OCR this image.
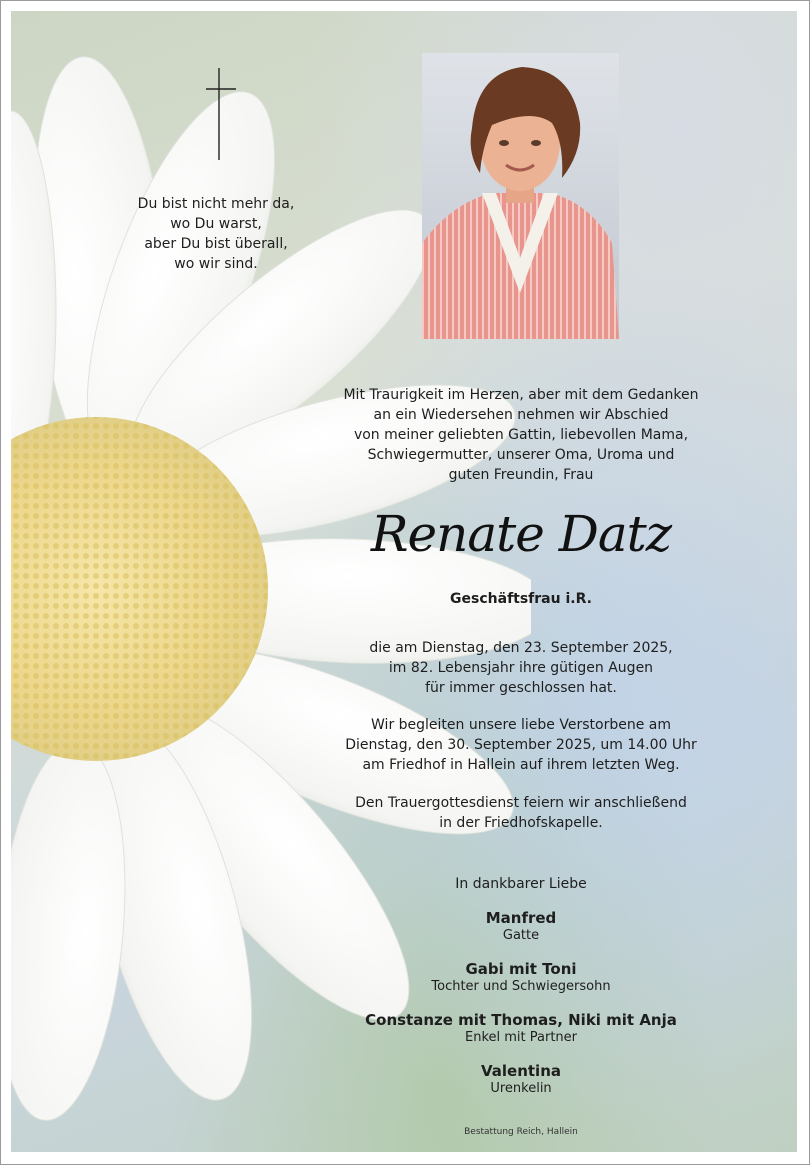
Du bist nicht mehr da,
wo Du warst,
aber Du bist überall,
wo wir sind.
Mit Traurigkeit im Herzen, aber mit dem Gedanken
an ein Wiedersehen nehmen wir Abschied
von meiner geliebten Gattin, liebevollen Mama,
Schwiegermutter, unserer Oma, Uroma und
guten Freundin, Frau
Renate Datz
Geschäftsfrau i.R.
die am Dienstag, den 23. September 2025,
im 82. Lebensjahr ihre gütigen Augen
für immer geschlossen hat.
Wir begleiten unsere liebe Verstorbene am
Dienstag, den 30. September 2025, um 14.00 Uhr
am Friedhof in Hallein auf ihrem letzten Weg.
Den Trauergottesdienst feiern wir anschließend
in der Friedhofskapelle.
In dankbarer Liebe
Manfred
Gatte
Gabi mit Toni
Tochter und Schwiegersohn
Constanze mit Thomas, Niki mit Anja
Enkel mit Partner
Valentina
Urenkelin
Bestattung Reich, Hallein
